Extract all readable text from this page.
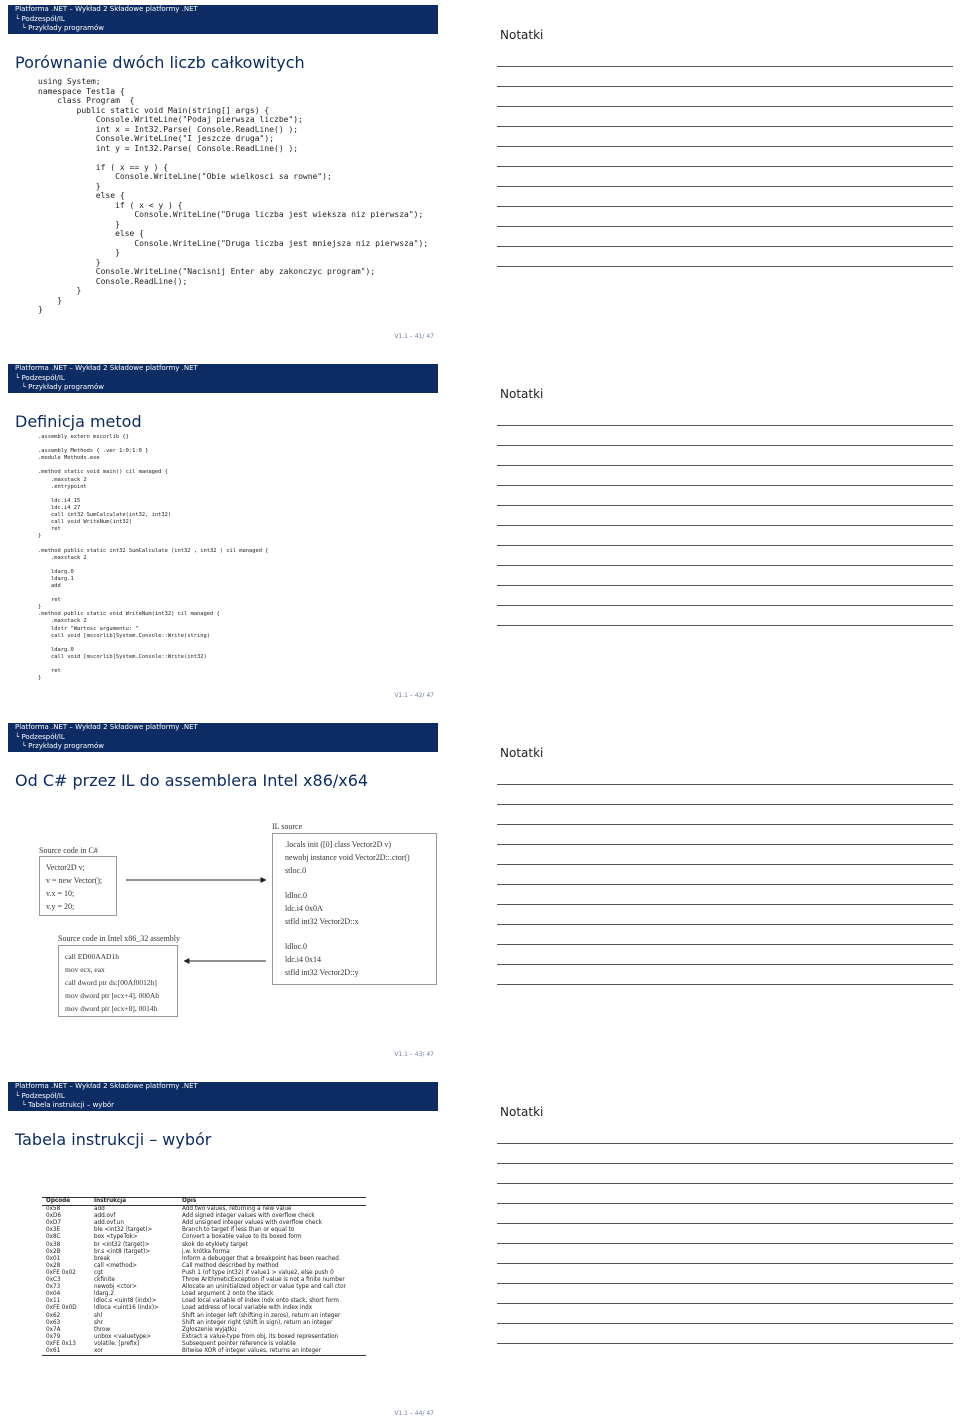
Platforma .NET – Wykład 2 Składowe platformy .NET
└ Podzespół/IL
└ Przykłady programów
Porównanie dwóch liczb całkowitych
using System;
namespace Test1a {
class Program  {
public static void Main(string[] args) {
Console.WriteLine("Podaj pierwsza liczbe");
int x = Int32.Parse( Console.ReadLine() );
Console.WriteLine("I jeszcze druga");
int y = Int32.Parse( Console.ReadLine() );

if ( x == y ) {
Console.WriteLine("Obie wielkosci sa rowne");
}
else {
if ( x < y ) {
Console.WriteLine("Druga liczba jest wieksza niz pierwsza");
}
else {
Console.WriteLine("Druga liczba jest mniejsza niz pierwsza");
}
}
Console.WriteLine("Nacisnij Enter aby zakonczyc program");
Console.ReadLine();
}
}
}
V1.1 – 41/ 47
Notatki
Platforma .NET – Wykład 2 Składowe platformy .NET
└ Podzespół/IL
└ Przykłady programów
Definicja metod
.assembly extern mscorlib {}

.assembly Methods { .ver 1:0:1:0 }
.module Methods.exe

.method static void main() cil managed {
.maxstack 2
.entrypoint

ldc.i4 15
ldc.i4 27
call int32 SumCalculate(int32, int32)
call void WriteNum(int32)
ret
}

.method public static int32 SumCalculate (int32 , int32 ) cil managed {
.maxstack 2

ldarg.0
ldarg.1
add

ret
}
.method public static void WriteNum(int32) cil managed {
.maxstack 2
ldstr "Wartosc argumentu: "
call void [mscorlib]System.Console::Write(string)

ldarg.0
call void [mscorlib]System.Console::Write(int32)

ret
}
V1.1 – 42/ 47
Notatki
Platforma .NET – Wykład 2 Składowe platformy .NET
└ Podzespół/IL
└ Przykłady programów
Od C# przez IL do assemblera Intel x86/x64
IL source
.locals init ([0] class Vector2D v)
newobj instance void Vector2D::.ctor()
stloc.0
ldloc.0
ldc.i4 0x0A
stfld int32 Vector2D::x
ldloc.0
ldc.i4 0x14
stfld int32 Vector2D::y
Source code in C#
Vector2D v;
v = new Vector();
v.x = 10;
v.y = 20;
Source code in Intel x86_32 assembly
call ED00AAD1h
mov ecx, eax
call dword ptr ds:[00Af0012h]
mov dword ptr [ecx+4], 000Ah
mov dword ptr [ecx+8], 0014h
V1.1 – 43/ 47
Notatki
Platforma .NET – Wykład 2 Składowe platformy .NET
└ Podzespół/IL
└ Tabela instrukcji – wybór
Tabela instrukcji – wybór
Opcode	Instrukcja	Opis
0x58	add	Add two values, returning a new value
0xD6	add.ovf	Add signed integer values with overflow check
0xD7	add.ovf.un	Add unsigned integer values with overflow check
0x3E	ble <int32 (target)>	Branch to target if less than or equal to
0x8C	box <typeTok>	Convert a boxable value to its boxed form
0x38	br <int32 (target)>	skok do etykiety target
0x2B	br.s <int8 (target)>	j.w. krótka forma
0x01	break	Inform a debugger that a breakpoint has been reached
0x28	call <method>	Call method described by method
0xFE 0x02	cgt	Push 1 (of type int32) if value1 > value2, else push 0
0xC3	ckfinite	Throw ArithmeticException if value is not a finite number
0x73	newobj <ctor>	Allocate an uninitialized object or value type and call ctor
0x04	ldarg.2	Load argument 2 onto the stack
0x11	ldloc.s <uint8 (indx)>	Load local variable of index indx onto stack, short form
0xFE 0x0D	ldloca <uint16 (indx)>	Load address of local variable with index indx
0x62	shl	Shift an integer left (shifting in zeros), return an integer
0x63	shr	Shift an integer right (shift in sign), return an integer
0x7A	throw	Zgłoszenie wyjątku
0x79	unbox <valuetype>	Extract a value-type from obj, its boxed representation
0xFE 0x13	volatile. [prefix]	Subsequent pointer reference is volatile
0x61	xor	Bitwise XOR of integer values, returns an integer
V1.1 – 44/ 47
Notatki
